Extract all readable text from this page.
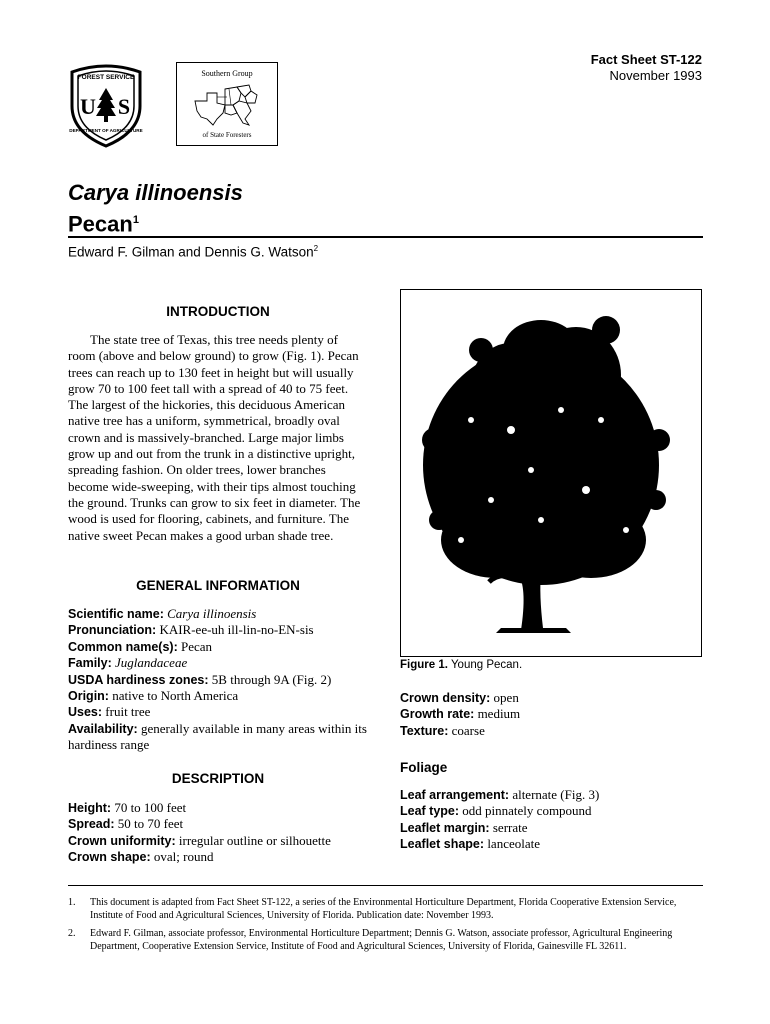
Fact Sheet ST-122
November 1993
FOREST SERVICE
U S
DEPARTMENT OF AGRICULTURE
Southern Group
of State Foresters
Carya illinoensis
Pecan$^1$
Edward F. Gilman and Dennis G. Watson$^2$
INTRODUCTION

The state tree of Texas, this tree needs plenty of room (above and below ground) to grow (Fig. 1). Pecan trees can reach up to 130 feet in height but will usually grow 70 to 100 feet tall with a spread of 40 to 75 feet. The largest of the hickories, this deciduous American native tree has a uniform, symmetrical, broadly oval crown and is massively-branched. Large major limbs grow up and out from the trunk in a distinctive upright, spreading fashion. On older trees, lower branches become wide-sweeping, with their tips almost touching the ground. Trunks can grow to six feet in diameter. The wood is used for flooring, cabinets, and furniture. The native sweet Pecan makes a good urban shade tree.

GENERAL INFORMATION
Scientific name: Carya illinoensis
Pronunciation: KAIR-ee-uh ill-lin-no-EN-sis
Common name(s): Pecan
Family: Juglandaceae
USDA hardiness zones: 5B through 9A (Fig. 2)
Origin: native to North America
Uses: fruit tree
Availability: generally available in many areas within its hardiness range
DESCRIPTION
Height: 70 to 100 feet
Spread: 50 to 70 feet
Crown uniformity: irregular outline or silhouette
Crown shape: oval; round
Figure 1. Young Pecan.
Crown density: open
Growth rate: medium
Texture: coarse
Foliage
Leaf arrangement: alternate (Fig. 3)
Leaf type: odd pinnately compound
Leaflet margin: serrate
Leaflet shape: lanceolate
1. This document is adapted from Fact Sheet ST-122, a series of the Environmental Horticulture Department, Florida Cooperative Extension Service, Institute of Food and Agricultural Sciences, University of Florida. Publication date: November 1993.
2. Edward F. Gilman, associate professor, Environmental Horticulture Department; Dennis G. Watson, associate professor, Agricultural Engineering Department, Cooperative Extension Service, Institute of Food and Agricultural Sciences, University of Florida, Gainesville FL 32611.
